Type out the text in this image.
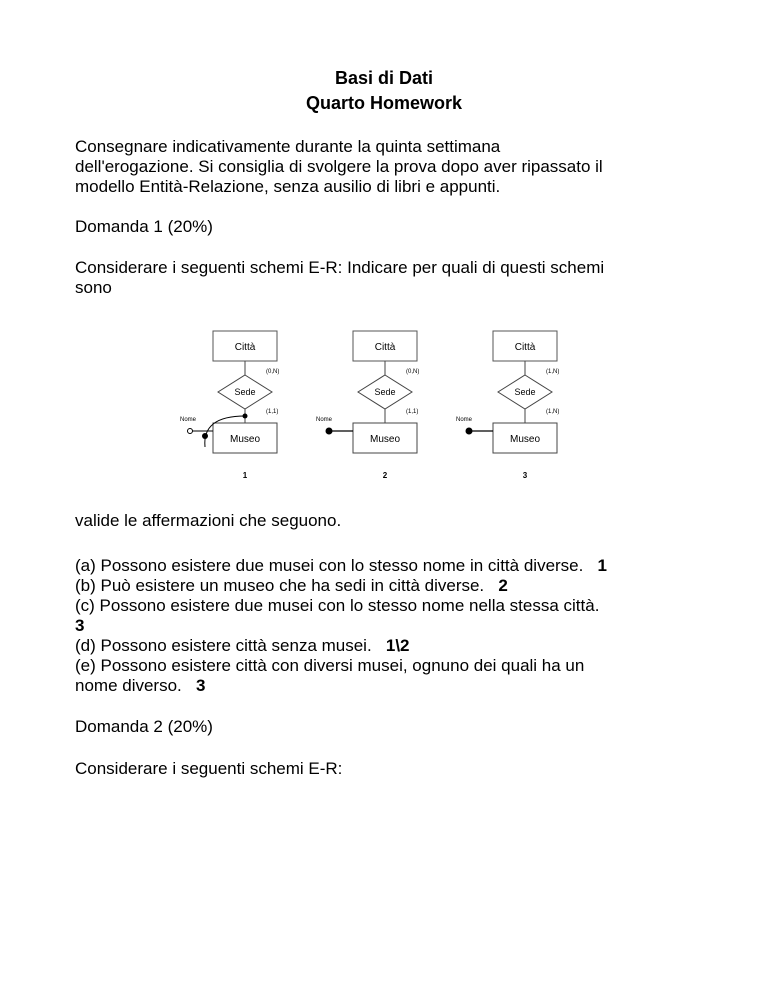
Basi di Dati
Quarto Homework
Consegnare indicativamente durante la quinta settimana
dell'erogazione. Si consiglia di svolgere la prova dopo aver ripassato il
modello Entità-Relazione, senza ausilio di libri e appunti.
Domanda 1 (20%)
Considerare i seguenti schemi E-R: Indicare per quali di questi schemi
sono
Città
(0,N)
Sede
(1,1)
Museo
Nome
1
Città
(0,N)
Sede
(1,1)
Museo
Nome
2
Città
(1,N)
Sede
(1,N)
Museo
Nome
3
valide le affermazioni che seguono.
(a) Possono esistere due musei con lo stesso nome in città diverse. 1
(b) Può esistere un museo che ha sedi in città diverse. 2
(c) Possono esistere due musei con lo stesso nome nella stessa città.
3
(d) Possono esistere città senza musei. 1\2
(e) Possono esistere città con diversi musei, ognuno dei quali ha un
nome diverso. 3
Domanda 2 (20%)
Considerare i seguenti schemi E-R:
